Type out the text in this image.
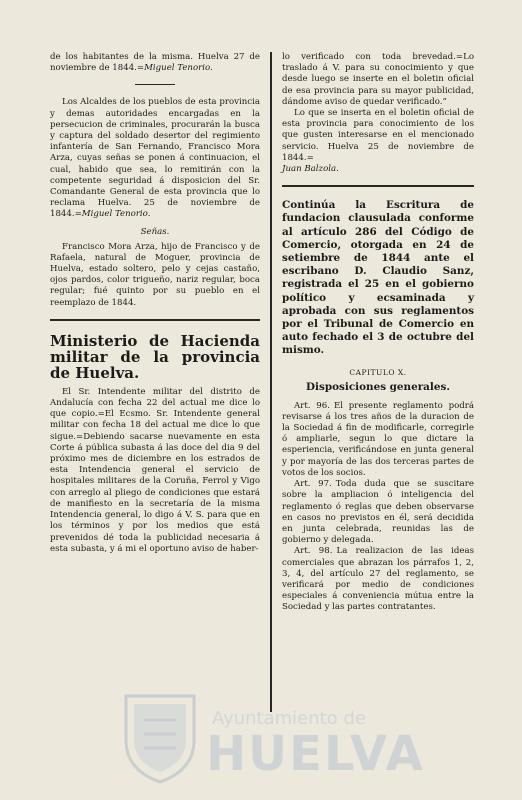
de los habitantes de la misma. Huelva 27 de noviembre de 1844.=Miguel Tenorio.

Los Alcaldes de los pueblos de esta provincia y demas autoridades encargadas en la persecucion de criminales, procurarán la busca y captura del soldado desertor del regimiento infantería de San Fernando, Francisco Mora Arza, cuyas señas se ponen á continuacion, el cual, habido que sea, lo remitirán con la competente seguridad á disposicion del Sr. Comandante General de esta provincia que lo reclama Huelva. 25 de noviembre de 1844.=Miguel Tenorio.

Señas.

Francisco Mora Arza, hijo de Francisco y de Rafaela, natural de Moguer, provincia de Huelva, estado soltero, pelo y cejas castaño, ojos pardos, color trigueño, nariz regular, boca regular; fué quinto por su pueblo en el reemplazo de 1844.

Ministerio de Hacienda militar de la provincia de Huelva.

El Sr. Intendente militar del distrito de Andalucía con fecha 22 del actual me dice lo que copio.=El Ecsmo. Sr. Intendente general militar con fecha 18 del actual me dice lo que sigue.=Debiendo sacarse nuevamente en esta Corte á pública subasta á las doce del dia 9 del próximo mes de diciembre en los estrados de esta Intendencia general el servicio de hospitales militares de la Coruña, Ferrol y Vigo con arreglo al pliego de condiciones que estará de manifiesto en la secretaría de la misma Intendencia general, lo digo á V. S. para que en los términos y por los medios que está prevenidos dé toda la publicidad necesaria á esta subasta, y á mi el oportuno aviso de haber-

lo verificado con toda brevedad.=Lo traslado á V. para su conocimiento y que desde luego se inserte en el boletin oficial de esa provincia para su mayor publicidad, dándome aviso de quedar verificado.”

Lo que se inserta en el boletin oficial de esta provincia para conocimiento de los que gusten interesarse en el mencionado servicio. Huelva 25 de noviembre de 1844.=

Juan Balzola.

Continúa la Escritura de fundacion clausulada conforme al artículo 286 del Código de Comercio, otorgada en 24 de setiembre de 1844 ante el escribano D. Claudio Sanz, registrada el 25 en el gobierno político y ecsaminada y aprobada con sus reglamentos por el Tribunal de Comercio en auto fechado el 3 de octubre del mismo.

CAPITULO X.
Disposiciones generales.

Art. 96. El presente reglamento podrá revisarse á los tres años de la duracion de la Sociedad á fin de modificarle, corregirle ó ampliarle, segun lo que dictare la esperiencia, verificándose en junta general y por mayoría de las dos terceras partes de votos de los socios.

Art. 97. Toda duda que se suscitare sobre la ampliacion ó inteligencia del reglamento ó reglas que deben observarse en casos no previstos en él, será decidida en junta celebrada, reunidas las de gobierno y delegada.

Art. 98. La realizacion de las ideas comerciales que abrazan los párrafos 1, 2, 3, 4, del artículo 27 del reglamento, se verificará por medio de condiciones especiales á conveniencia mútua entre la Sociedad y las partes contratantes.

Ayuntamiento de
HUELVA
